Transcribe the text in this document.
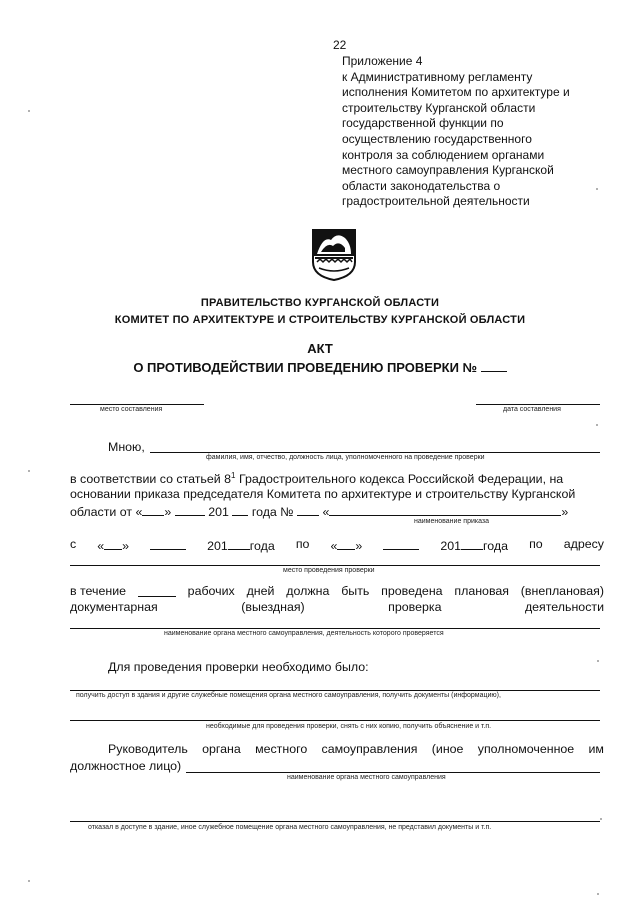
22
Приложение 4
к Административному регламенту
исполнения Комитетом по архитектуре и
строительству Курганской области
государственной функции по
осуществлению государственного
контроля за соблюдением органами
местного самоуправления Курганской
области законодательства о
градостроительной деятельности
ПРАВИТЕЛЬСТВО КУРГАНСКОЙ ОБЛАСТИ
КОМИТЕТ ПО АРХИТЕКТУРЕ И СТРОИТЕЛЬСТВУ КУРГАНСКОЙ ОБЛАСТИ
АКТ
О ПРОТИВОДЕЙСТВИИ ПРОВЕДЕНИЮ ПРОВЕРКИ №
место составления	дата составления
Мною,
фамилия, имя, отчество, должность лица, уполномоченного на проведение проверки
в соответствии со статьей $8^1$ Градостроительного кодекса Российской Федерации, на
основании приказа председателя Комитета по архитектуре и строительству Курганской
области от « »	201 года № «	»
наименование приказа
с « »	201 года по « »	201 года по адресу
место проведения проверки
в течение	рабочих дней должна быть проведена плановая (внеплановая)
документарная	(выездная)	проверка	деятельности
наименование органа местного самоуправления, деятельность которого проверяется
Для проведения проверки необходимо было:
получить доступ в здания и другие служебные помещения органа местного самоуправления, получить документы (информацию),
необходимые для проведения проверки, снять с них копию, получить объяснение и т.п.
Руководитель органа местного самоуправления (иное уполномоченное им
должностное лицо)
наименование органа местного самоуправления
отказал в доступе в здание, иное служебное помещение органа местного самоуправления, не представил документы и т.п.
